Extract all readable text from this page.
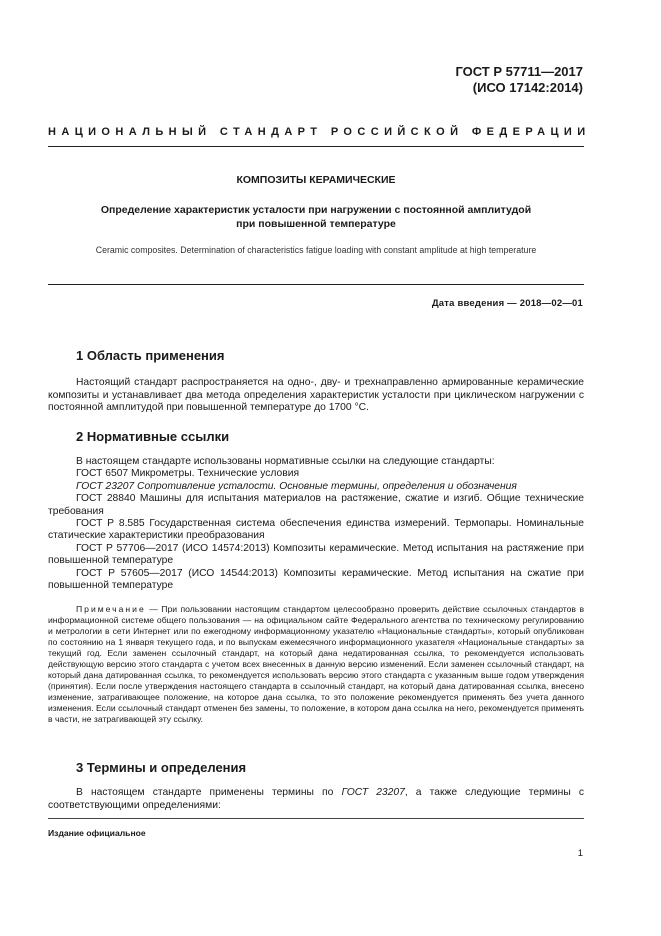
ГОСТ Р 57711—2017
(ИСО 17142:2014)
НАЦИОНАЛЬНЫЙ СТАНДАРТ РОССИЙСКОЙ ФЕДЕРАЦИИ
КОМПОЗИТЫ КЕРАМИЧЕСКИЕ
Определение характеристик усталости при нагружении с постоянной амплитудой
при повышенной температуре
Ceramic composites. Determination of characteristics fatigue loading with constant amplitude at high temperature
Дата введения — 2018—02—01
1 Область применения

Настоящий стандарт распространяется на одно-, дву- и трехнаправленно армированные керамические композиты и устанавливает два метода определения характеристик усталости при циклическом нагружении с постоянной амплитудой при повышенной температуре до 1700 °С.

2 Нормативные ссылки

В настоящем стандарте использованы нормативные ссылки на следующие стандарты:

ГОСТ 6507 Микрометры. Технические условия

ГОСТ 23207 Сопротивление усталости. Основные термины, определения и обозначения

ГОСТ 28840 Машины для испытания материалов на растяжение, сжатие и изгиб. Общие технические требования

ГОСТ Р 8.585 Государственная система обеспечения единства измерений. Термопары. Номинальные статические характеристики преобразования

ГОСТ Р 57706—2017 (ИСО 14574:2013) Композиты керамические. Метод испытания на растяжение при повышенной температуре

ГОСТ Р 57605—2017 (ИСО 14544:2013) Композиты керамические. Метод испытания на сжатие при повышенной температуре

Примечание — При пользовании настоящим стандартом целесообразно проверить действие ссылочных стандартов в информационной системе общего пользования — на официальном сайте Федерального агентства по техническому регулированию и метрологии в сети Интернет или по ежегодному информационному указателю «Национальные стандарты», который опубликован по состоянию на 1 января текущего года, и по выпускам ежемесячного информационного указателя «Национальные стандарты» за текущий год. Если заменен ссылочный стандарт, на который дана недатированная ссылка, то рекомендуется использовать действующую версию этого стандарта с учетом всех внесенных в данную версию изменений. Если заменен ссылочный стандарт, на который дана датированная ссылка, то рекомендуется использовать версию этого стандарта с указанным выше годом утверждения (принятия). Если после утверждения настоящего стандарта в ссылочный стандарт, на который дана датированная ссылка, внесено изменение, затрагивающее положение, на которое дана ссылка, то это положение рекомендуется применять без учета данного изменения. Если ссылочный стандарт отменен без замены, то положение, в котором дана ссылка на него, рекомендуется применять в части, не затрагивающей эту ссылку.

3 Термины и определения

В настоящем стандарте применены термины по ГОСТ 23207, а также следующие термины с соответствующими определениями:

Издание официальное
1
